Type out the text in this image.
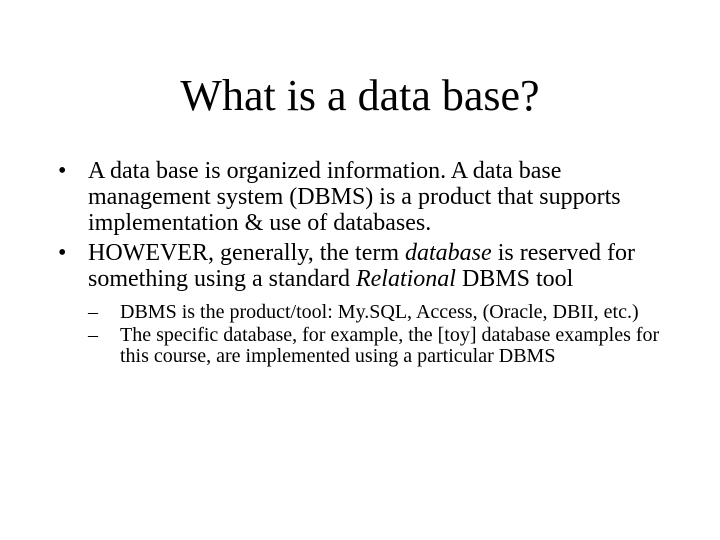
What is a data base?
• A data base is organized information. A data base management system (DBMS) is a product that supports implementation & use of databases.
• HOWEVER, generally, the term database is reserved for something using a standard Relational DBMS tool
– DBMS is the product/tool: My.SQL, Access, (Oracle, DBII, etc.)
– The specific database, for example, the [toy] database examples for this course, are implemented using a particular DBMS
